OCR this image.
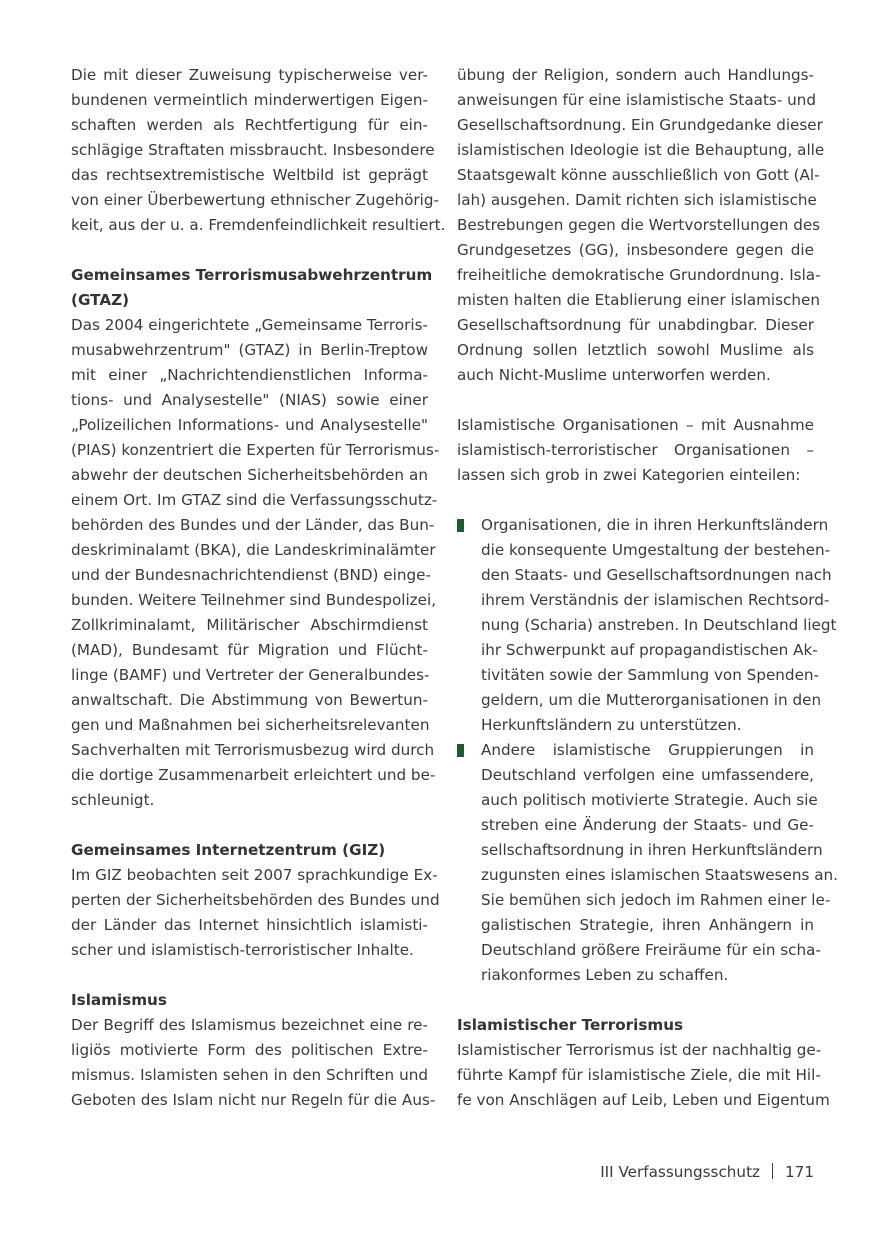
Die mit dieser Zuweisung typischerweise ver-
bundenen vermeintlich minderwertigen Eigen-
schaften werden als Rechtfertigung für ein-
schlägige Straftaten missbraucht. Insbesondere
das rechtsextremistische Weltbild ist geprägt
von einer Überbewertung ethnischer Zugehörig-
keit, aus der u. a. Fremdenfeindlichkeit resultiert.
Gemeinsames Terrorismusabwehrzentrum
(GTAZ)
Das 2004 eingerichtete „Gemeinsame Terroris-
musabwehrzentrum" (GTAZ) in Berlin-Treptow
mit einer „Nachrichtendienstlichen Informa-
tions- und Analysestelle" (NIAS) sowie einer
„Polizeilichen Informations- und Analysestelle"
(PIAS) konzentriert die Experten für Terrorismus-
abwehr der deutschen Sicherheitsbehörden an
einem Ort. Im GTAZ sind die Verfassungsschutz-
behörden des Bundes und der Länder, das Bun-
deskriminalamt (BKA), die Landeskriminalämter
und der Bundesnachrichtendienst (BND) einge-
bunden. Weitere Teilnehmer sind Bundespolizei,
Zollkriminalamt, Militärischer Abschirmdienst
(MAD), Bundesamt für Migration und Flücht-
linge (BAMF) und Vertreter der Generalbundes-
anwaltschaft. Die Abstimmung von Bewertun-
gen und Maßnahmen bei sicherheitsrelevanten
Sachverhalten mit Terrorismusbezug wird durch
die dortige Zusammenarbeit erleichtert und be-
schleunigt.
Gemeinsames Internetzentrum (GIZ)
Im GIZ beobachten seit 2007 sprachkundige Ex-
perten der Sicherheitsbehörden des Bundes und
der Länder das Internet hinsichtlich islamisti-
scher und islamistisch-terroristischer Inhalte.
Islamismus
Der Begriff des Islamismus bezeichnet eine re-
ligiös motivierte Form des politischen Extre-
mismus. Islamisten sehen in den Schriften und
Geboten des Islam nicht nur Regeln für die Aus-
übung der Religion, sondern auch Handlungs-
anweisungen für eine islamistische Staats- und
Gesellschaftsordnung. Ein Grundgedanke dieser
islamistischen Ideologie ist die Behauptung, alle
Staatsgewalt könne ausschließlich von Gott (Al-
lah) ausgehen. Damit richten sich islamistische
Bestrebungen gegen die Wertvorstellungen des
Grundgesetzes (GG), insbesondere gegen die
freiheitliche demokratische Grundordnung. Isla-
misten halten die Etablierung einer islamischen
Gesellschaftsordnung für unabdingbar. Dieser
Ordnung sollen letztlich sowohl Muslime als
auch Nicht-Muslime unterworfen werden.
Islamistische Organisationen – mit Ausnahme
islamistisch-terroristischer Organisationen –
lassen sich grob in zwei Kategorien einteilen:
Organisationen, die in ihren Herkunftsländern
die konsequente Umgestaltung der bestehen-
den Staats- und Gesellschaftsordnungen nach
ihrem Verständnis der islamischen Rechtsord-
nung (Scharia) anstreben. In Deutschland liegt
ihr Schwerpunkt auf propagandistischen Ak-
tivitäten sowie der Sammlung von Spenden-
geldern, um die Mutterorganisationen in den
Herkunftsländern zu unterstützen.
Andere islamistische Gruppierungen in
Deutschland verfolgen eine umfassendere,
auch politisch motivierte Strategie. Auch sie
streben eine Änderung der Staats- und Ge-
sellschaftsordnung in ihren Herkunftsländern
zugunsten eines islamischen Staatswesens an.
Sie bemühen sich jedoch im Rahmen einer le-
galistischen Strategie, ihren Anhängern in
Deutschland größere Freiräume für ein scha-
riakonformes Leben zu schaffen.
Islamistischer Terrorismus
Islamistischer Terrorismus ist der nachhaltig ge-
führte Kampf für islamistische Ziele, die mit Hil-
fe von Anschlägen auf Leib, Leben und Eigentum
III Verfassungsschutz 171
